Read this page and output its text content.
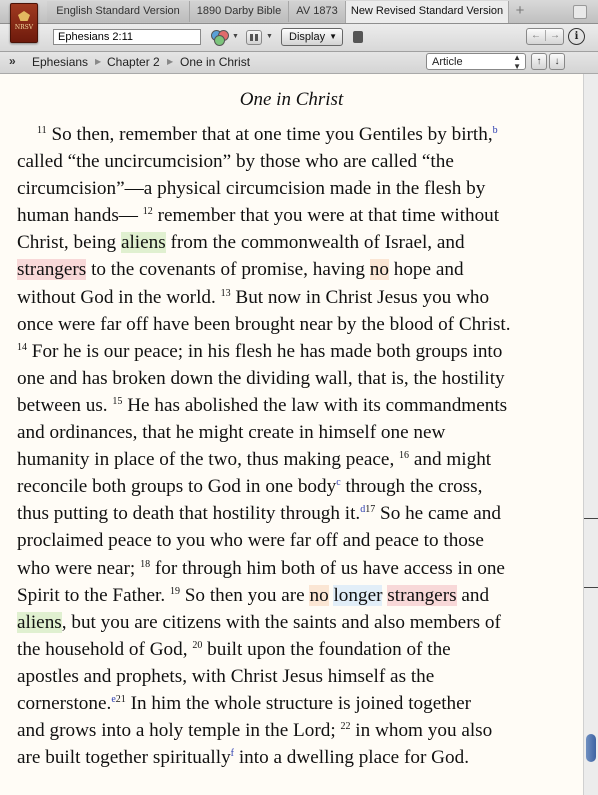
NRSV
English Standard Version	1890 Darby Bible	AV 1873	New Revised Standard Version +
Ephesians 2:11
▼	▼	Display ▼	← →	i
» Ephesians ▶ Chapter 2 ▶ One in Christ	Article	▲
▼	↑	↓
One in Christ
$^{11}$ So then, remember that at one time you Gentiles by birth,$^b$
called “the uncircumcision” by those who are called “the
circumcision”—a physical circumcision made in the flesh by
human hands— $^{12}$ remember that you were at that time without
Christ, being aliens from the commonwealth of Israel, and
strangers to the covenants of promise, having no hope and
without God in the world. $^{13}$ But now in Christ Jesus you who
once were far off have been brought near by the blood of Christ.
$^{14}$ For he is our peace; in his flesh he has made both groups into
one and has broken down the dividing wall, that is, the hostility
between us. $^{15}$ He has abolished the law with its commandments
and ordinances, that he might create in himself one new
humanity in place of the two, thus making peace, $^{16}$ and might
reconcile both groups to God in one body$^c$ through the cross,
thus putting to death that hostility through it.$^{d17}$ So he came and
proclaimed peace to you who were far off and peace to those
who were near; $^{18}$ for through him both of us have access in one
Spirit to the Father. $^{19}$ So then you are no longer strangers and
aliens, but you are citizens with the saints and also members of
the household of God, $^{20}$ built upon the foundation of the
apostles and prophets, with Christ Jesus himself as the
cornerstone.$^{e21}$ In him the whole structure is joined together
and grows into a holy temple in the Lord; $^{22}$ in whom you also
are built together spiritually$^f$ into a dwelling place for God.
